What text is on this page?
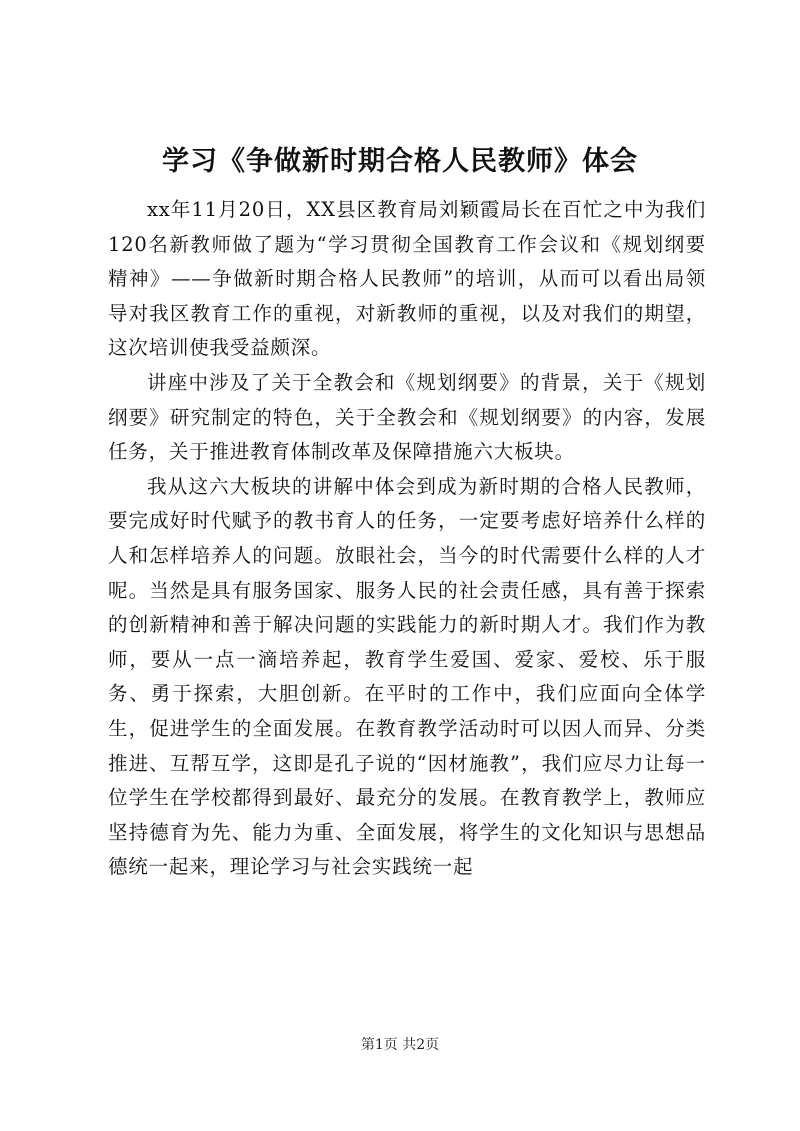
学习《争做新时期合格人民教师》体会

xx年11月20日，XX县区教育局刘颖霞局长在百忙之中为我们120名新教师做了题为“学习贯彻全国教育工作会议和《规划纲要精神》——争做新时期合格人民教师”的培训，从而可以看出局领导对我区教育工作的重视，对新教师的重视，以及对我们的期望，这次培训使我受益颇深。

讲座中涉及了关于全教会和《规划纲要》的背景，关于《规划纲要》研究制定的特色，关于全教会和《规划纲要》的内容，发展任务，关于推进教育体制改革及保障措施六大板块。

我从这六大板块的讲解中体会到成为新时期的合格人民教师，要完成好时代赋予的教书育人的任务，一定要考虑好培养什么样的人和怎样培养人的问题。放眼社会，当今的时代需要什么样的人才呢。当然是具有服务国家、服务人民的社会责任感，具有善于探索的创新精神和善于解决问题的实践能力的新时期人才。我们作为教师，要从一点一滴培养起，教育学生爱国、爱家、爱校、乐于服务、勇于探索，大胆创新。在平时的工作中，我们应面向全体学生，促进学生的全面发展。在教育教学活动时可以因人而异、分类推进、互帮互学，这即是孔子说的“因材施教”，我们应尽力让每一位学生在学校都得到最好、最充分的发展。在教育教学上，教师应坚持德育为先、能力为重、全面发展，将学生的文化知识与思想品德统一起来，理论学习与社会实践统一起

第1页 共2页
